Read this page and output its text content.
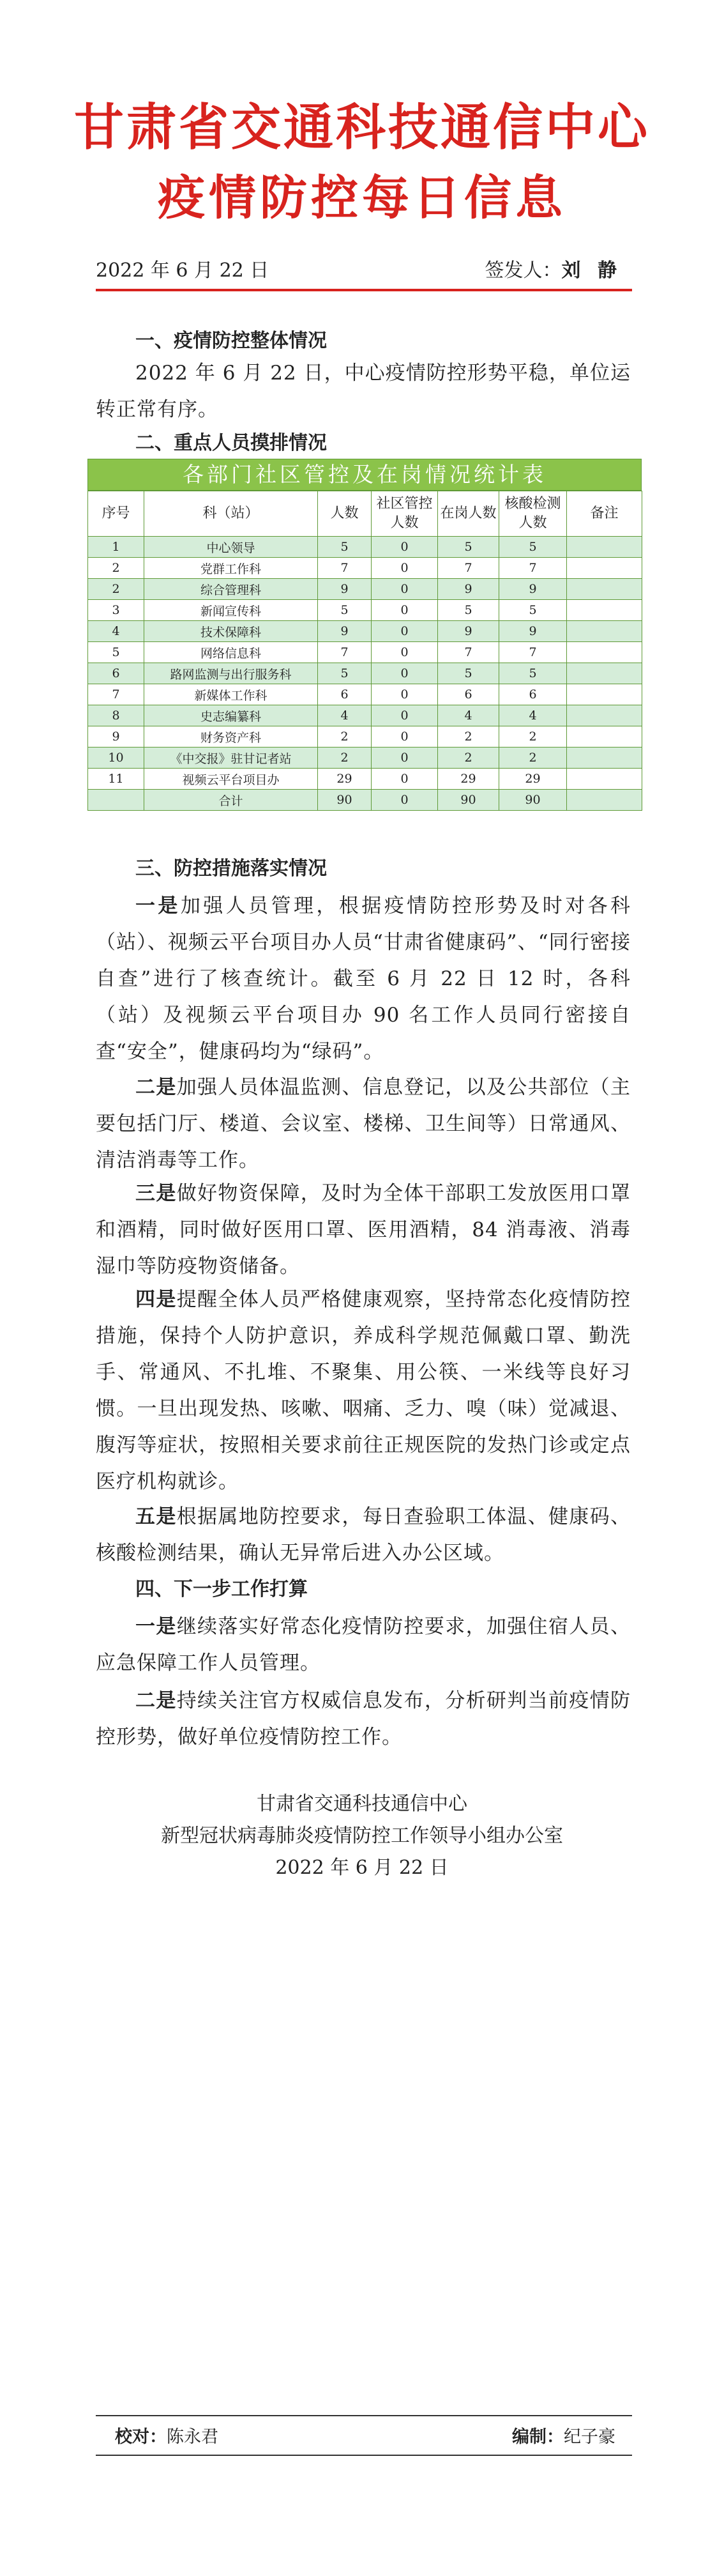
甘肃省交通科技通信中心
疫情防控每日信息
2022 年 6 月 22 日	签发人：刘 静
一、疫情防控整体情况
2022 年 6 月 22 日，中心疫情防控形势平稳，单位运转正常有序。
二、重点人员摸排情况
各部门社区管控及在岗情况统计表
序号	科（站）	人数	社区管控人数	在岗人数	核酸检测人数	备注
1	中心领导	5	0	5	5	
2	党群工作科	7	0	7	7	
2	综合管理科	9	0	9	9	
3	新闻宣传科	5	0	5	5	
4	技术保障科	9	0	9	9	
5	网络信息科	7	0	7	7	
6	路网监测与出行服务科	5	0	5	5	
7	新媒体工作科	6	0	6	6	
8	史志编纂科	4	0	4	4	
9	财务资产科	2	0	2	2	
10	《中交报》驻甘记者站	2	0	2	2	
11	视频云平台项目办	29	0	29	29	
	合计	90	0	90	90	
三、防控措施落实情况
一是加强人员管理，根据疫情防控形势及时对各科（站）、视频云平台项目办人员“甘肃省健康码”、“同行密接自查”进行了核查统计。截至 6 月 22 日 12 时，各科（站）及视频云平台项目办 90 名工作人员同行密接自查“安全”，健康码均为“绿码”。
二是加强人员体温监测、信息登记，以及公共部位（主要包括门厅、楼道、会议室、楼梯、卫生间等）日常通风、清洁消毒等工作。
三是做好物资保障，及时为全体干部职工发放医用口罩和酒精，同时做好医用口罩、医用酒精，84 消毒液、消毒湿巾等防疫物资储备。
四是提醒全体人员严格健康观察，坚持常态化疫情防控措施，保持个人防护意识，养成科学规范佩戴口罩、勤洗手、常通风、不扎堆、不聚集、用公筷、一米线等良好习惯。一旦出现发热、咳嗽、咽痛、乏力、嗅（味）觉减退、腹泻等症状，按照相关要求前往正规医院的发热门诊或定点医疗机构就诊。
五是根据属地防控要求，每日查验职工体温、健康码、核酸检测结果，确认无异常后进入办公区域。
四、下一步工作打算
一是继续落实好常态化疫情防控要求，加强住宿人员、应急保障工作人员管理。
二是持续关注官方权威信息发布，分析研判当前疫情防控形势，做好单位疫情防控工作。
甘肃省交通科技通信中心
新型冠状病毒肺炎疫情防控工作领导小组办公室
2022 年 6 月 22 日
校对：陈永君	编制：纪子豪
